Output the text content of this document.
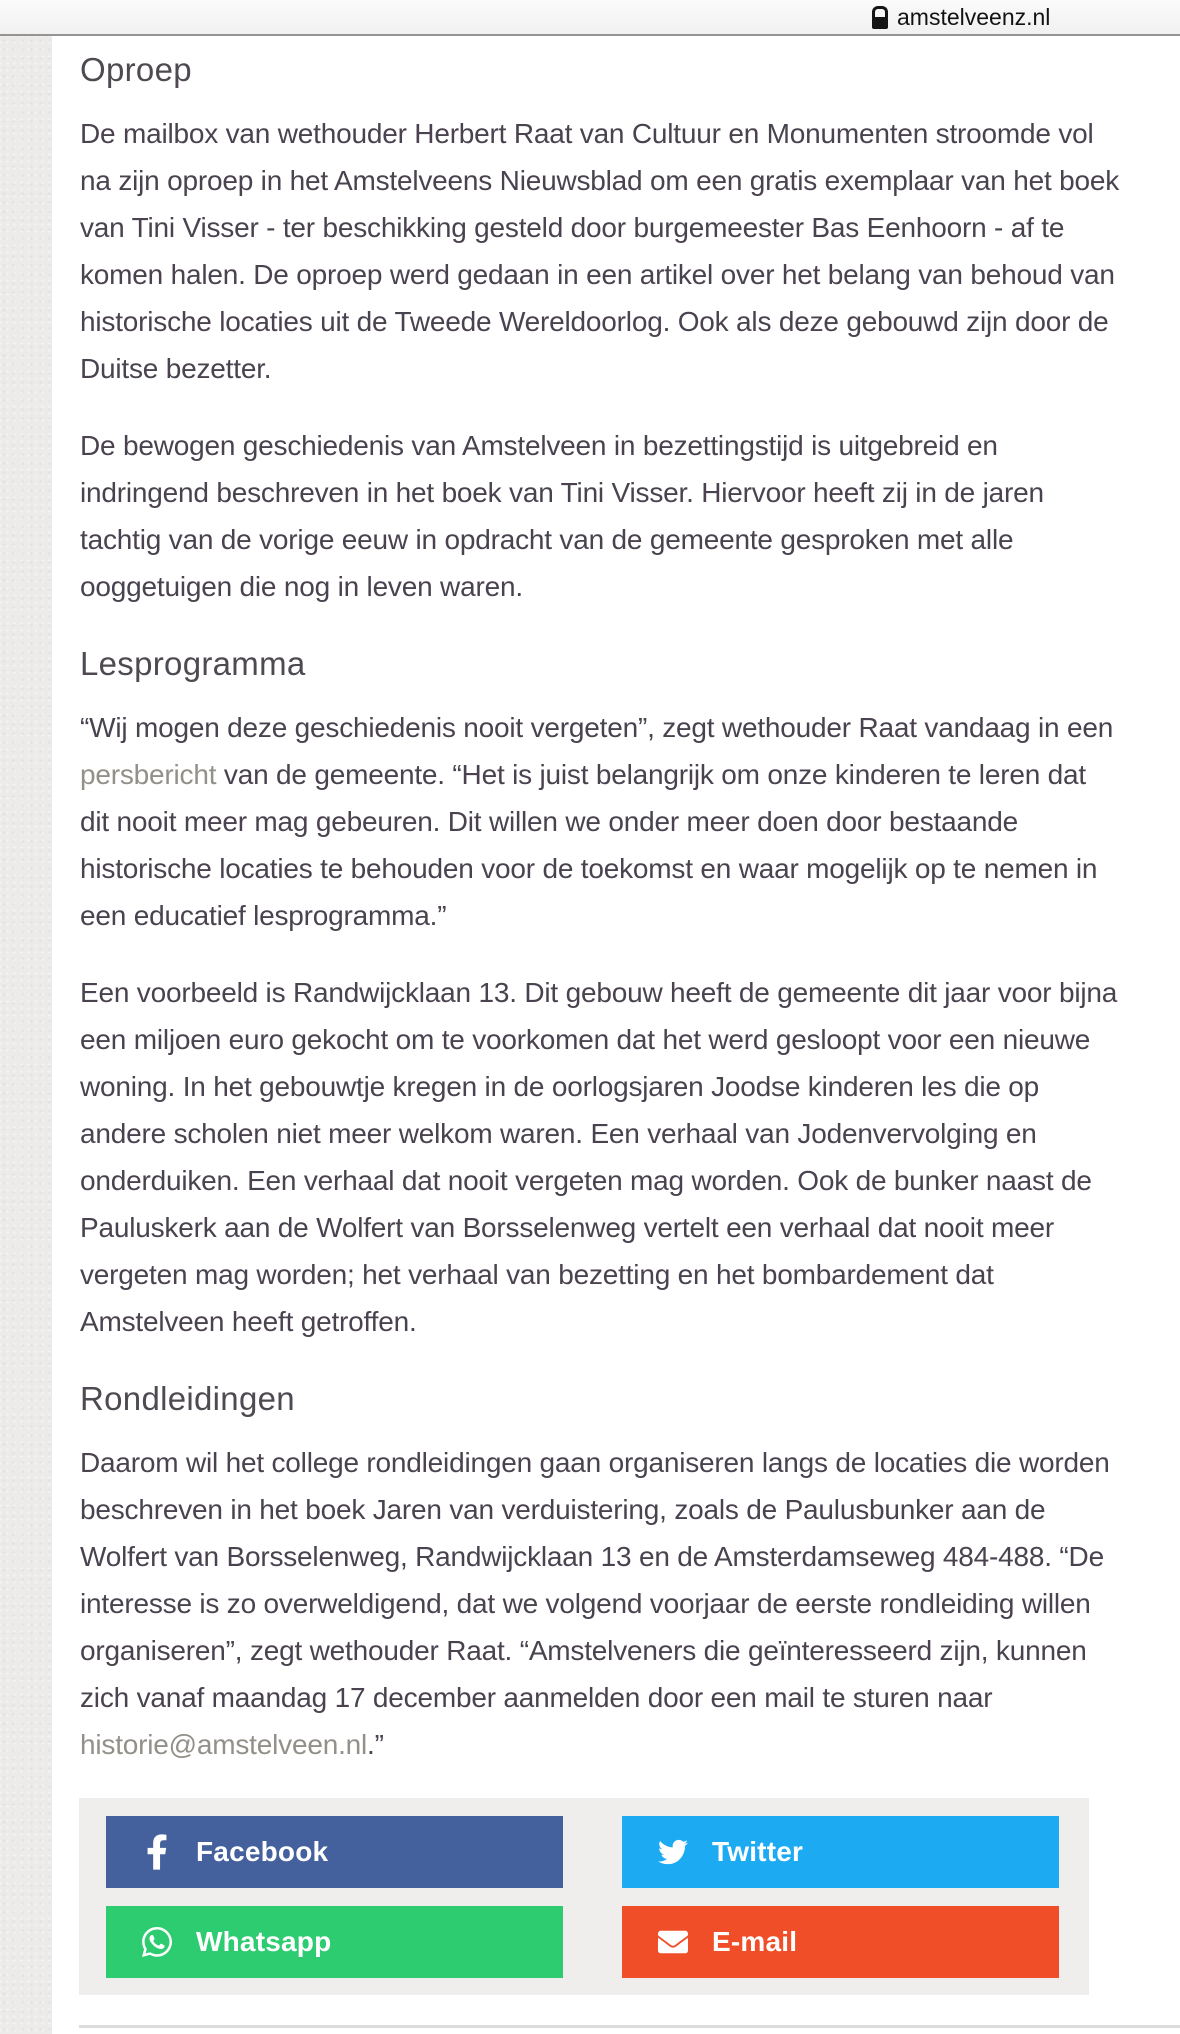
amstelveenz.nl
Oproep

De mailbox van wethouder Herbert Raat van Cultuur en Monumenten stroomde vol na zijn oproep in het Amstelveens Nieuwsblad om een gratis exemplaar van het boek van Tini Visser - ter beschikking gesteld door burgemeester Bas Eenhoorn - af te komen halen. De oproep werd gedaan in een artikel over het belang van behoud van historische locaties uit de Tweede Wereldoorlog. Ook als deze gebouwd zijn door de Duitse bezetter.

De bewogen geschiedenis van Amstelveen in bezettingstijd is uitgebreid en indringend beschreven in het boek van Tini Visser. Hiervoor heeft zij in de jaren tachtig van de vorige eeuw in opdracht van de gemeente gesproken met alle ooggetuigen die nog in leven waren.

Lesprogramma

“Wij mogen deze geschiedenis nooit vergeten”, zegt wethouder Raat vandaag in een persbericht van de gemeente. “Het is juist belangrijk om onze kinderen te leren dat dit nooit meer mag gebeuren. Dit willen we onder meer doen door bestaande historische locaties te behouden voor de toekomst en waar mogelijk op te nemen in een educatief lesprogramma.”

Een voorbeeld is Randwijcklaan 13. Dit gebouw heeft de gemeente dit jaar voor bijna een miljoen euro gekocht om te voorkomen dat het werd gesloopt voor een nieuwe woning. In het gebouwtje kregen in de oorlogsjaren Joodse kinderen les die op andere scholen niet meer welkom waren. Een verhaal van Jodenvervolging en onderduiken. Een verhaal dat nooit vergeten mag worden. Ook de bunker naast de Pauluskerk aan de Wolfert van Borsselenweg vertelt een verhaal dat nooit meer vergeten mag worden; het verhaal van bezetting en het bombardement dat Amstelveen heeft getroffen.

Rondleidingen

Daarom wil het college rondleidingen gaan organiseren langs de locaties die worden beschreven in het boek Jaren van verduistering, zoals de Paulusbunker aan de Wolfert van Borsselenweg, Randwijcklaan 13 en de Amsterdamseweg 484-488. “De interesse is zo overweldigend, dat we volgend voorjaar de eerste rondleiding willen organiseren”, zegt wethouder Raat. “Amstelveners die geïnteresseerd zijn, kunnen zich vanaf maandag 17 december aanmelden door een mail te sturen naar historie@amstelveen.nl.”

Facebook	Twitter
Whatsapp	E-mail
